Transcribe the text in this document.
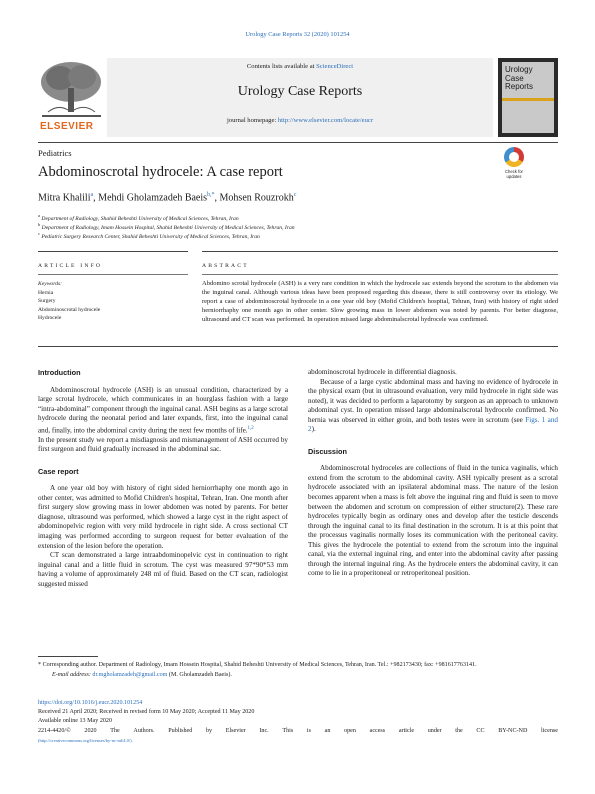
Urology Case Reports 32 (2020) 101254
ELSEVIER
Contents lists available at ScienceDirect
Urology Case Reports
journal homepage: http://www.elsevier.com/locate/eucr
Urology
Case
Reports
Pediatrics
Abdominoscrotal hydrocele: A case report	Check for
updates
Mitra Khalili$^a$, Mehdi Gholamzadeh Baeis$^{b,*}$, Mohsen Rouzrokh$^c$
$^a$ Department of Radiology, Shahid Beheshti University of Medical Sciences, Tehran, Iran
$^b$ Department of Radiology, Imam Hossein Hospital, Shahid Beheshti University of Medical Sciences, Tehran, Iran
$^c$ Pediatric Surgery Research Center, Shahid Beheshti University of Medical Sciences, Tehran, Iran
ARTICLE INFO	ABSTRACT
Keywords:
Hernia
Surgery
Abdominoscrotal hydrocele
Hydrocele
Abdomino scrotal hydrocele (ASH) is a very rare condition in which the hydrocele sac extends beyond the scrotum to the abdomen via the inguinal canal. Although various ideas have been proposed regarding this disease, there is still controversy over its etiology. We report a case of abdominoscrotal hydrocele in a one year old boy (Mofid Children's hospital, Tehran, Iran) with history of right sided herniorrhaphy one month ago in other center. Slow growing mass in lower abdomen was noted by parents. For better diagnose, ultrasound and CT scan was performed. In operation missed large abdominalscrotal hydrocele was confirmed.
Introduction

Abdominoscrotal hydrocele (ASH) is an unusual condition, characterized by a large scrotal hydrocele, which communicates in an hourglass fashion with a large “intra-abdominal” component through the inguinal canal. ASH begins as a large scrotal hydrocele during the neonatal period and later expands, first, into the inguinal canal and, finally, into the abdominal cavity during the next few months of life.$^{1,2}$

In the present study we report a misdiagnosis and mismanagement of ASH occurred by first surgeon and fluid gradually increased in the abdominal sac.

Case report

A one year old boy with history of right sided herniorrhaphy one month ago in other center, was admitted to Mofid Children's hospital, Tehran, Iran. One month after first surgery slow growing mass in lower abdomen was noted by parents. For better diagnose, ultrasound was performed, which showed a large cyst in the right aspect of abdominopelvic region with very mild hydrocele in right side. A cross sectional CT imaging was performed according to surgeon request for better evaluation of the extension of the lesion before the operation.

CT scan demonstrated a large intraabdominopelvic cyst in continuation to right inguinal canal and a little fluid in scrotum. The cyst was measured 97*90*53 mm having a volume of approximately 248 ml of fluid. Based on the CT scan, radiologist suggested missed

abdominoscrotal hydrocele in differential diagnosis.

Because of a large cystic abdominal mass and having no evidence of hydrocele in the physical exam (but in ultrasound evaluation, very mild hydrocele in right side was noted), it was decided to perform a laparotomy by surgeon as an approach to unknown abdominal cyst. In operation missed large abdominalscrotal hydrocele confirmed. No hernia was observed in either groin, and both testes were in scrotum (see Figs. 1 and 2).

Discussion

Abdominoscrotal hydroceles are collections of fluid in the tunica vaginalis, which extend from the scrotum to the abdominal cavity. ASH typically present as a scrotal hydrocele associated with an ipsilateral abdominal mass. The nature of the lesion becomes apparent when a mass is felt above the inguinal ring and fluid is seen to move between the abdomen and scrotum on compression of either structure(2). These rare hydroceles typically begin as ordinary ones and develop after the testicle descends through the inguinal canal to its final destination in the scrotum. It is at this point that the processus vaginalis normally loses its communication with the peritoneal cavity. This gives the hydrocele the potential to extend from the scrotum into the inguinal canal, via the external inguinal ring, and enter into the abdominal cavity after passing through the internal inguinal ring. As the hydrocele enters the abdominal cavity, it can come to lie in a properitoneal or retroperitoneal position.

* Corresponding author. Department of Radiology, Imam Hossein Hospital, Shahid Beheshti University of Medical Sciences, Tehran, Iran. Tel.: +982173430; fax: +981617763141.
E-mail address: dr.mgholamzadeh@gmail.com (M. Gholamzadeh Baeis).
https://doi.org/10.1016/j.eucr.2020.101254
Received 21 April 2020; Received in revised form 10 May 2020; Accepted 11 May 2020
Available online 13 May 2020
2214-4420/© 2020 The Authors. Published by Elsevier Inc. This is an open access article under the CC BY-NC-ND license
(http://creativecommons.org/licenses/by-nc-nd/4.0/).
